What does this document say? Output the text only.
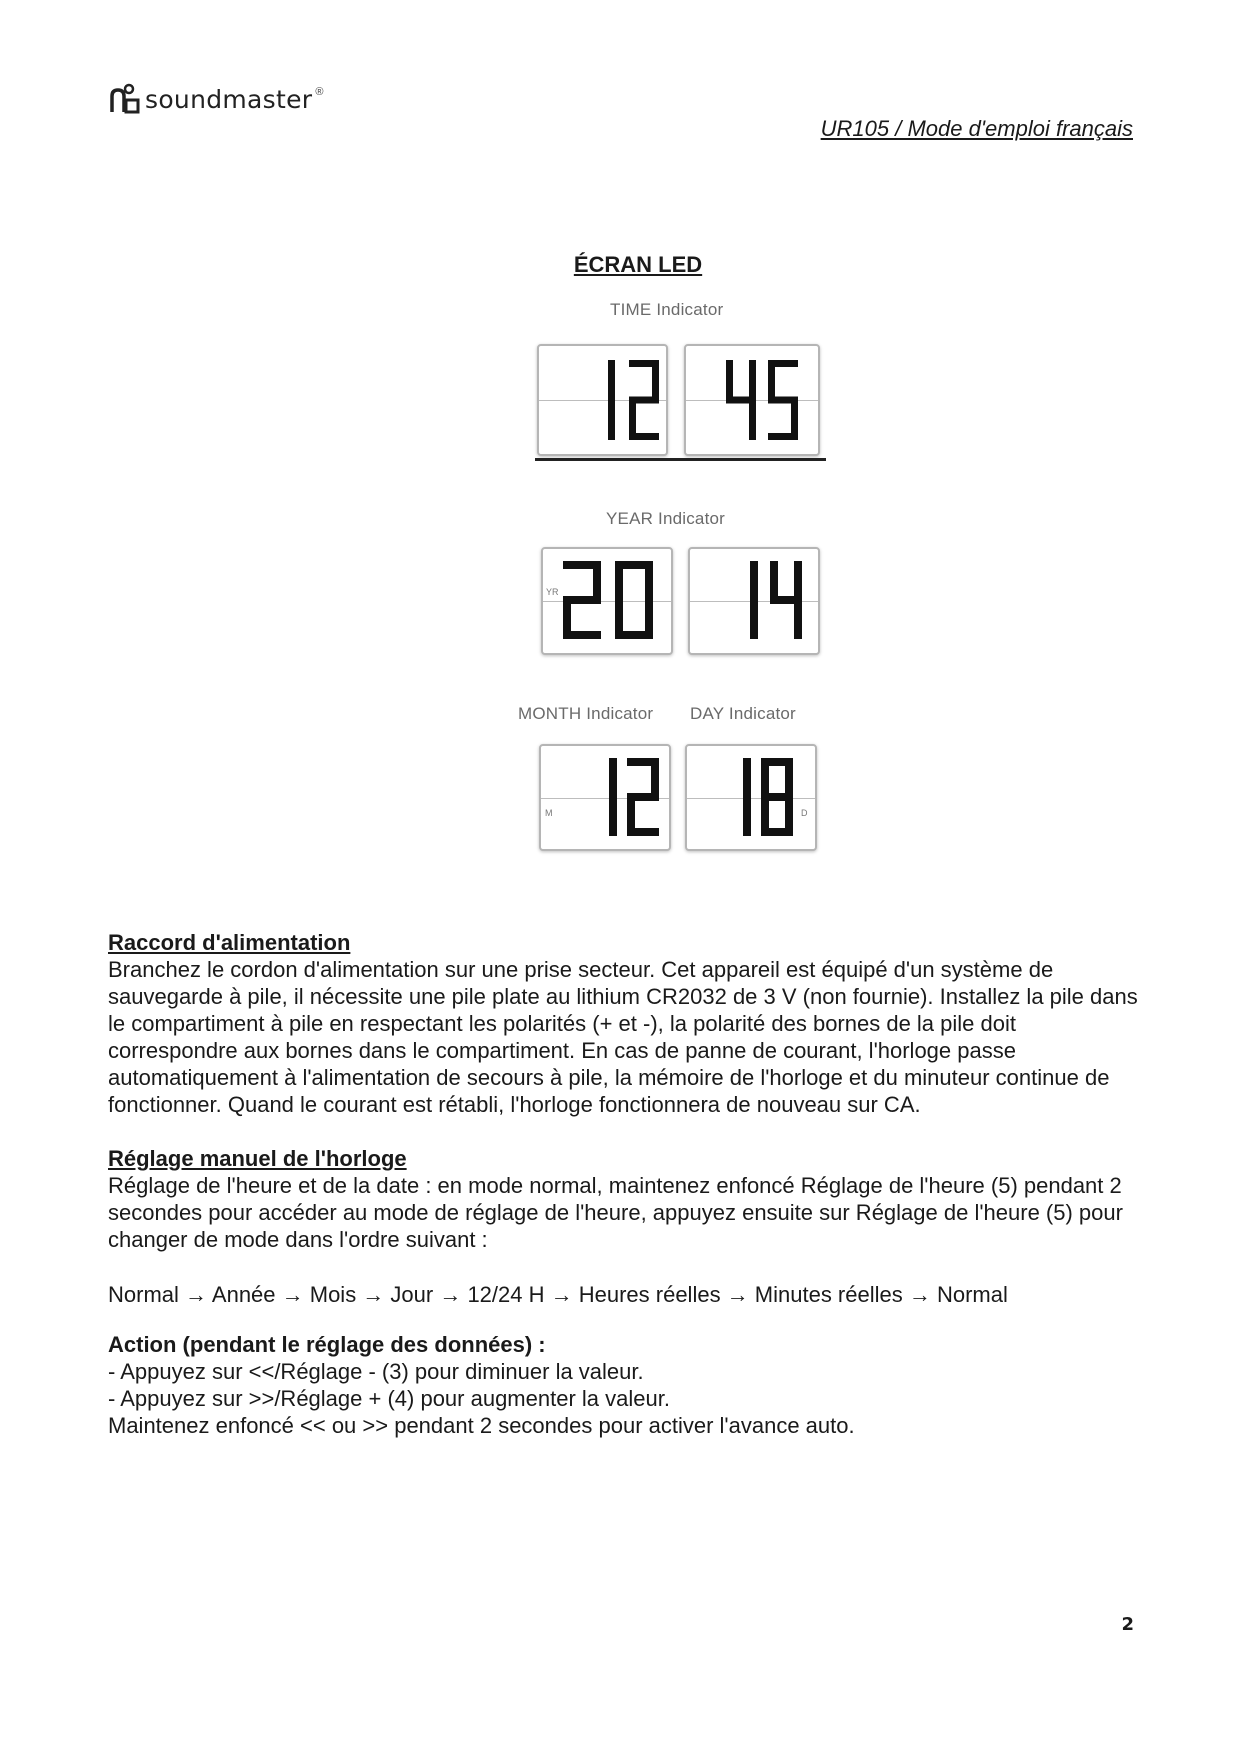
soundmaster ®
UR105 / Mode d'emploi français
ÉCRAN LED
TIME Indicator
YEAR Indicator
YR
MONTH Indicator DAY Indicator
M	D

Raccord d'alimentation

Branchez le cordon d'alimentation sur une prise secteur. Cet appareil est équipé d'un système de sauvegarde à pile, il nécessite une pile plate au lithium CR2032 de 3 V (non fournie). Installez la pile dans le compartiment à pile en respectant les polarités (+ et -), la polarité des bornes de la pile doit correspondre aux bornes dans le compartiment. En cas de panne de courant, l'horloge passe automatiquement à l'alimentation de secours à pile, la mémoire de l'horloge et du minuteur continue de fonctionner. Quand le courant est rétabli, l'horloge fonctionnera de nouveau sur CA.

Réglage manuel de l'horloge

Réglage de l'heure et de la date : en mode normal, maintenez enfoncé Réglage de l'heure (5) pendant 2 secondes pour accéder au mode de réglage de l'heure, appuyez ensuite sur Réglage de l'heure (5) pour changer de mode dans l'ordre suivant :

Normal → Année → Mois → Jour → 12/24 H → Heures réelles → Minutes réelles → Normal

Action (pendant le réglage des données) :

- Appuyez sur <</Réglage - (3) pour diminuer la valeur.

- Appuyez sur >>/Réglage + (4) pour augmenter la valeur.

Maintenez enfoncé << ou >> pendant 2 secondes pour activer l'avance auto.

2
